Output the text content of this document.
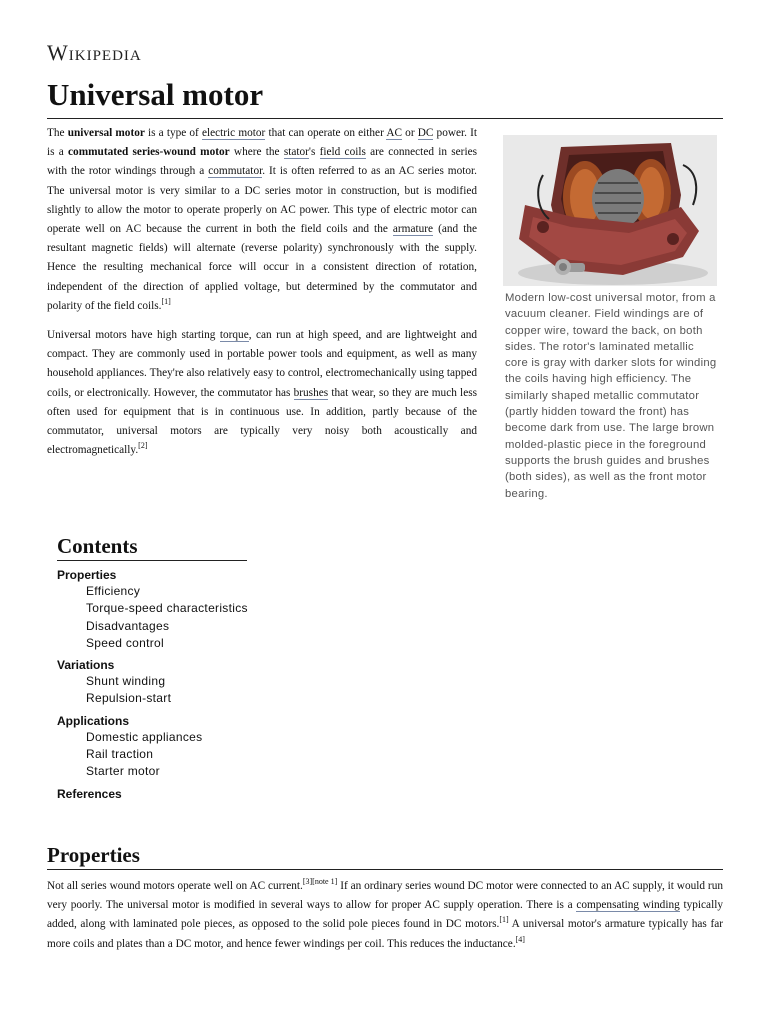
Wikipedia
Universal motor

The universal motor is a type of electric motor that can operate on either AC or DC power. It is a commutated series-wound motor where the stator's field coils are connected in series with the rotor windings through a commutator. It is often referred to as an AC series motor. The universal motor is very similar to a DC series motor in construction, but is modified slightly to allow the motor to operate properly on AC power. This type of electric motor can operate well on AC because the current in both the field coils and the armature (and the resultant magnetic fields) will alternate (reverse polarity) synchronously with the supply. Hence the resulting mechanical force will occur in a consistent direction of rotation, independent of the direction of applied voltage, but determined by the commutator and polarity of the field coils.[1]

Universal motors have high starting torque, can run at high speed, and are lightweight and compact. They are commonly used in portable power tools and equipment, as well as many household appliances. They're also relatively easy to control, electromechanically using tapped coils, or electronically. However, the commutator has brushes that wear, so they are much less often used for equipment that is in continuous use. In addition, partly because of the commutator, universal motors are typically very noisy both acoustically and electromagnetically.[2]

Modern low-cost universal motor, from a vacuum cleaner. Field windings are of copper wire, toward the back, on both sides. The rotor's laminated metallic core is gray with darker slots for winding the coils having high efficiency. The similarly shaped metallic commutator (partly hidden toward the front) has become dark from use. The large brown molded-plastic piece in the foreground supports the brush guides and brushes (both sides), as well as the front motor bearing.
Contents
Properties
Efficiency
Torque-speed characteristics
Disadvantages
Speed control
Variations
Shunt winding
Repulsion-start
Applications
Domestic appliances
Rail traction
Starter motor
References
Properties
Not all series wound motors operate well on AC current.[3][note 1] If an ordinary series wound DC motor were connected to an AC supply, it would run very poorly. The universal motor is modified in several ways to allow for proper AC supply operation. There is a compensating winding typically added, along with laminated pole pieces, as opposed to the solid pole pieces found in DC motors.[1] A universal motor's armature typically has far more coils and plates than a DC motor, and hence fewer windings per coil. This reduces the inductance.[4]
